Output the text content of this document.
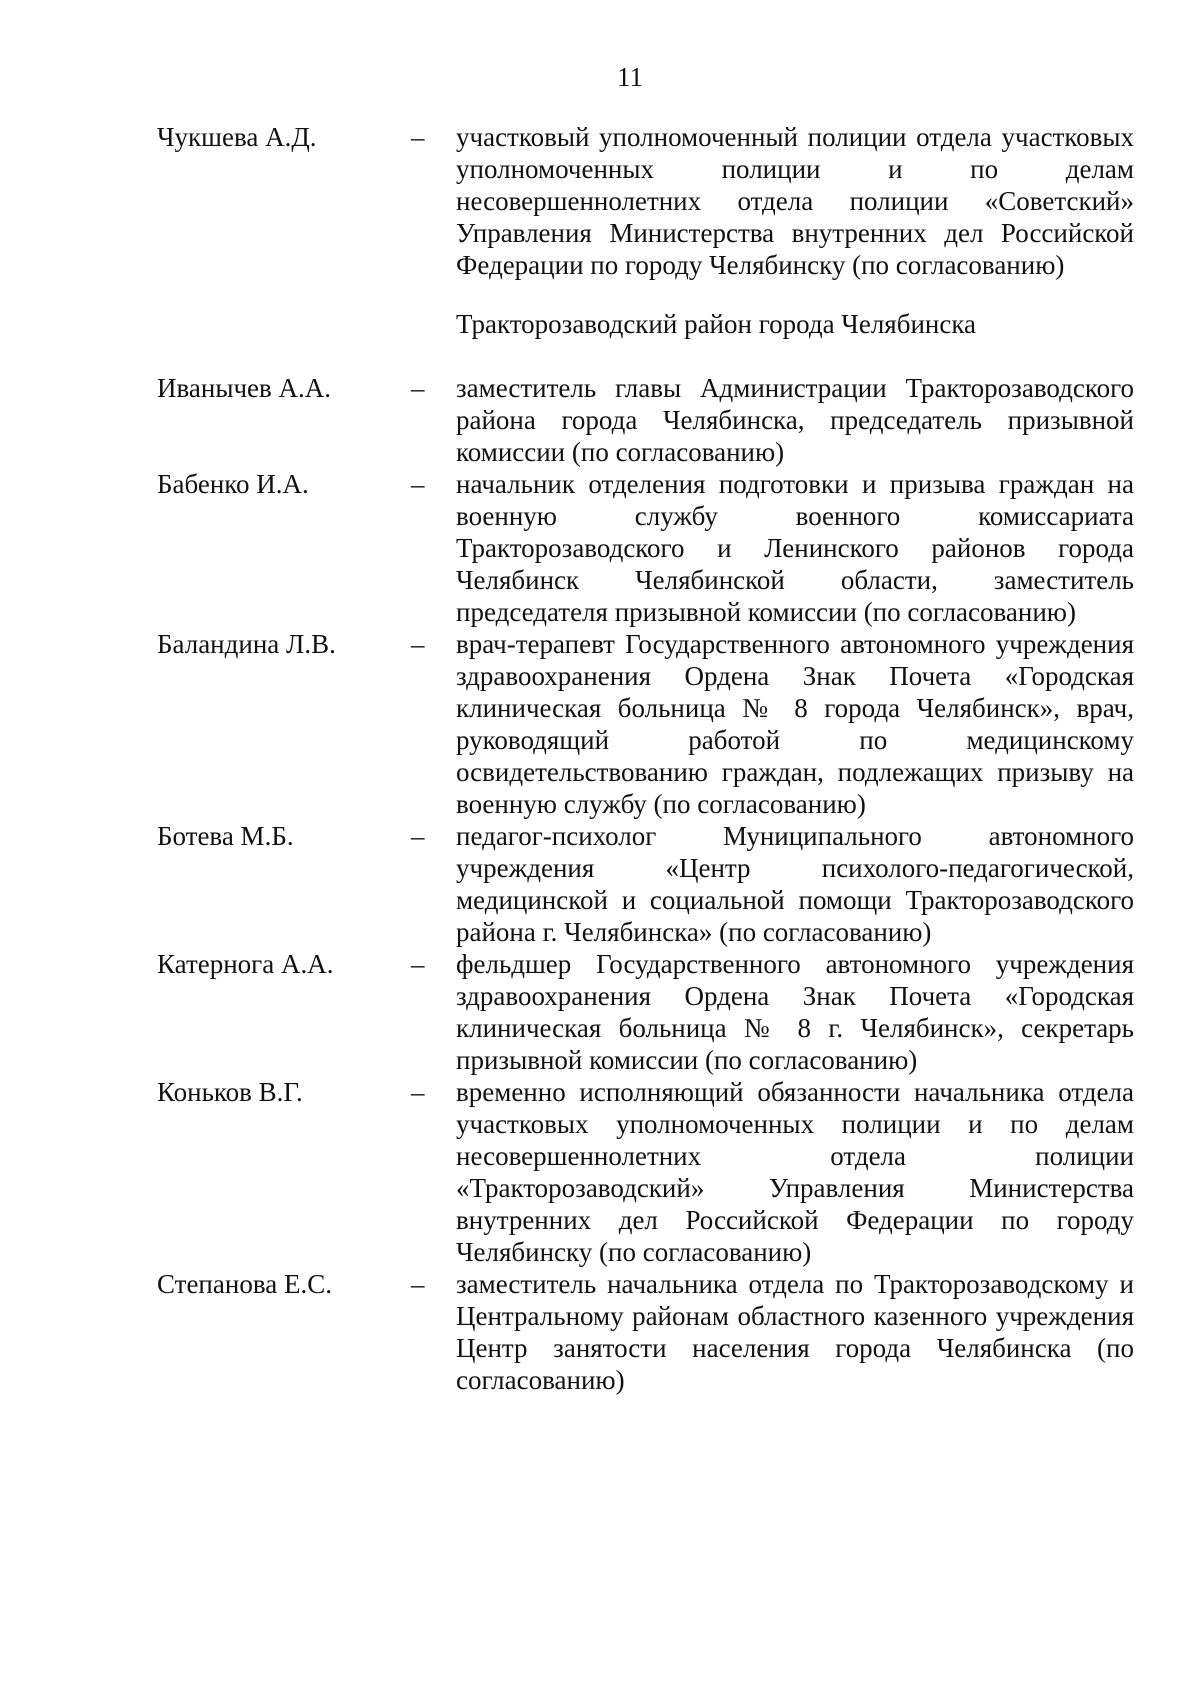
11
Чукшева А.Д.	– участковый уполномоченный полиции отдела участковых уполномоченных полиции и по делам несовершеннолетних отдела полиции «Советский» Управления Министерства внутренних дел Российской Федерации по городу Челябинску (по согласованию)
Тракторозаводский район города Челябинска
Иванычев А.А.	– заместитель главы Администрации Тракторозаводского района города Челябинска, председатель призывной комиссии (по согласованию)
Бабенко И.А.	– начальник отделения подготовки и призыва граждан на военную службу военного комиссариата Тракторозаводского и Ленинского районов города Челябинск Челябинской области, заместитель председателя призывной комиссии (по согласованию)
Баландина Л.В.	– врач-терапевт Государственного автономного учреждения здравоохранения Ордена Знак Почета «Городская клиническая больница № 8 города Челябинск», врач, руководящий работой по медицинскому освидетельствованию граждан, подлежащих призыву на военную службу (по согласованию)
Ботева М.Б.	– педагог-психолог Муниципального автономного учреждения «Центр психолого-педагогической, медицинской и социальной помощи Тракторозаводского района г. Челябинска» (по согласованию)
Катернога А.А.	– фельдшер Государственного автономного учреждения здравоохранения Ордена Знак Почета «Городская клиническая больница № 8 г. Челябинск», секретарь призывной комиссии (по согласованию)
Коньков В.Г.	– временно исполняющий обязанности начальника отдела участковых уполномоченных полиции и по делам несовершеннолетних отдела полиции «Тракторозаводский» Управления Министерства внутренних дел Российской Федерации по городу Челябинску (по согласованию)
Степанова Е.С.	– заместитель начальника отдела по Тракторозаводскому и Центральному районам областного казенного учреждения Центр занятости населения города Челябинска (по согласованию)
